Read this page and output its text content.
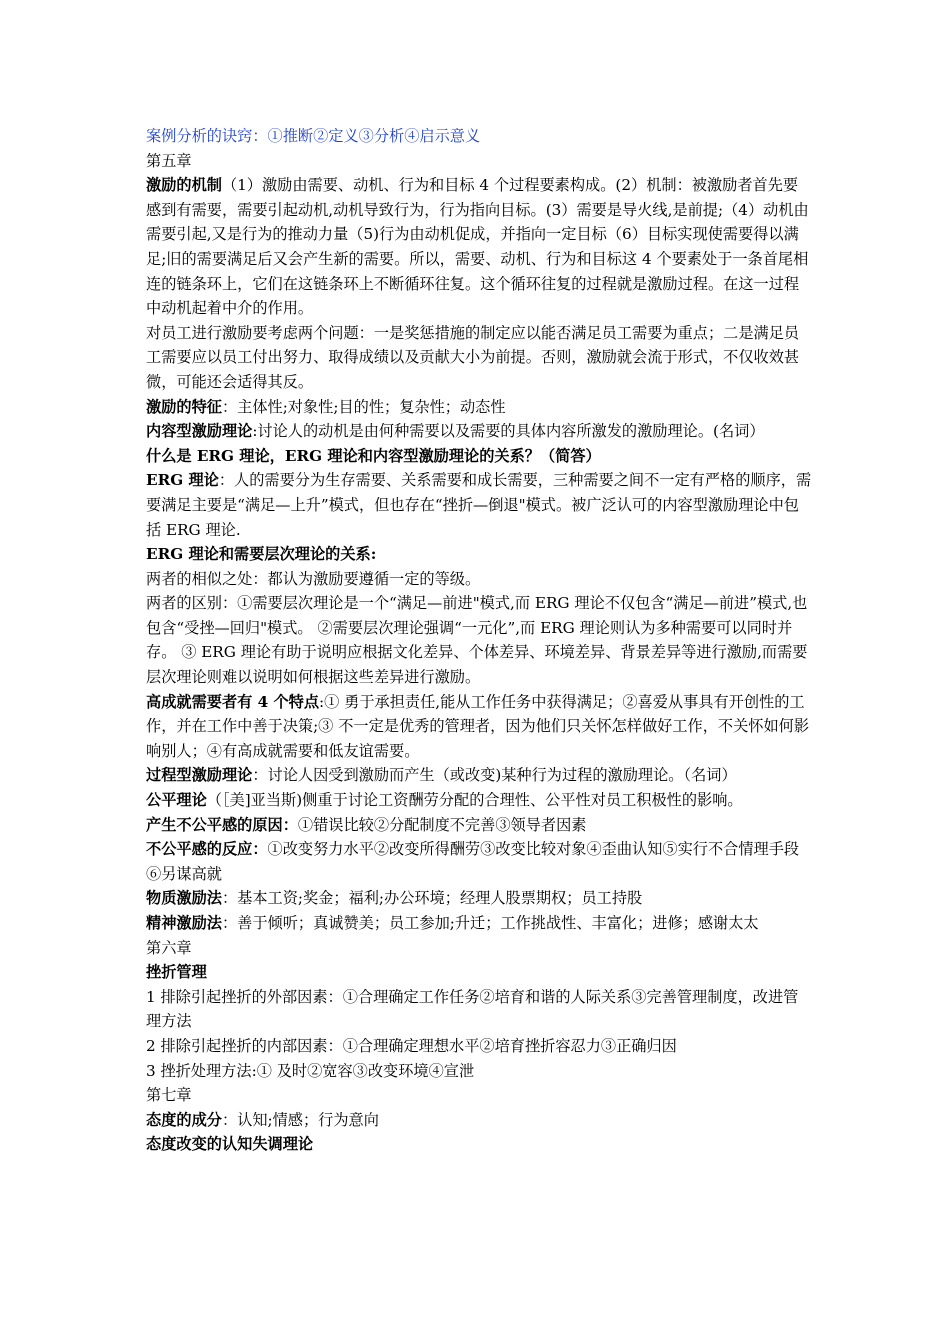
案例分析的诀窍：①推断②定义③分析④启示意义

第五章

激励的机制（1）激励由需要、动机、行为和目标 4 个过程要素构成。(2）机制：被激励者首先要感到有需要，需要引起动机,动机导致行为，行为指向目标。(3）需要是导火线,是前提;（4）动机由需要引起,又是行为的推动力量（5)行为由动机促成，并指向一定目标（6）目标实现使需要得以满足;旧的需要满足后又会产生新的需要。所以，需要、动机、行为和目标这 4 个要素处于一条首尾相连的链条环上，它们在这链条环上不断循环往复。这个循环往复的过程就是激励过程。在这一过程中动机起着中介的作用。

对员工进行激励要考虑两个问题：一是奖惩措施的制定应以能否满足员工需要为重点；二是满足员工需要应以员工付出努力、取得成绩以及贡献大小为前提。否则，激励就会流于形式，不仅收效甚微，可能还会适得其反。

激励的特征：主体性;对象性;目的性；复杂性；动态性

内容型激励理论:讨论人的动机是由何种需要以及需要的具体内容所激发的激励理论。(名词）

什么是 ERG 理论，ERG 理论和内容型激励理论的关系？（简答）

ERG 理论：人的需要分为生存需要、关系需要和成长需要，三种需要之间不一定有严格的顺序，需要满足主要是“满足—上升”模式，但也存在“挫折—倒退"模式。被广泛认可的内容型激励理论中包括 ERG 理论.

ERG 理论和需要层次理论的关系:

两者的相似之处：都认为激励要遵循一定的等级。

两者的区别：①需要层次理论是一个“满足—前进"模式,而 ERG 理论不仅包含“满足—前进”模式,也包含“受挫—回归"模式。 ②需要层次理论强调“一元化”,而 ERG 理论则认为多种需要可以同时并存。 ③ ERG 理论有助于说明应根据文化差异、个体差异、环境差异、背景差异等进行激励,而需要层次理论则难以说明如何根据这些差异进行激励。

高成就需要者有 4 个特点:① 勇于承担责任,能从工作任务中获得满足；②喜爱从事具有开创性的工作，并在工作中善于决策;③ 不一定是优秀的管理者，因为他们只关怀怎样做好工作，不关怀如何影响别人；④有高成就需要和低友谊需要。

过程型激励理论：讨论人因受到激励而产生（或改变)某种行为过程的激励理论。（名词）

公平理论（［美]亚当斯)侧重于讨论工资酬劳分配的合理性、公平性对员工积极性的影响。

产生不公平感的原因：①错误比较②分配制度不完善③领导者因素

不公平感的反应：①改变努力水平②改变所得酬劳③改变比较对象④歪曲认知⑤实行不合情理手段⑥另谋高就

物质激励法：基本工资;奖金；福利;办公环境；经理人股票期权；员工持股

精神激励法：善于倾听；真诚赞美；员工参加;升迁；工作挑战性、丰富化；进修；感谢太太

第六章

挫折管理

1 排除引起挫折的外部因素：①合理确定工作任务②培育和谐的人际关系③完善管理制度，改进管理方法

2 排除引起挫折的内部因素：①合理确定理想水平②培育挫折容忍力③正确归因

3 挫折处理方法:① 及时②宽容③改变环境④宣泄

第七章

态度的成分：认知;情感；行为意向

态度改变的认知失调理论
